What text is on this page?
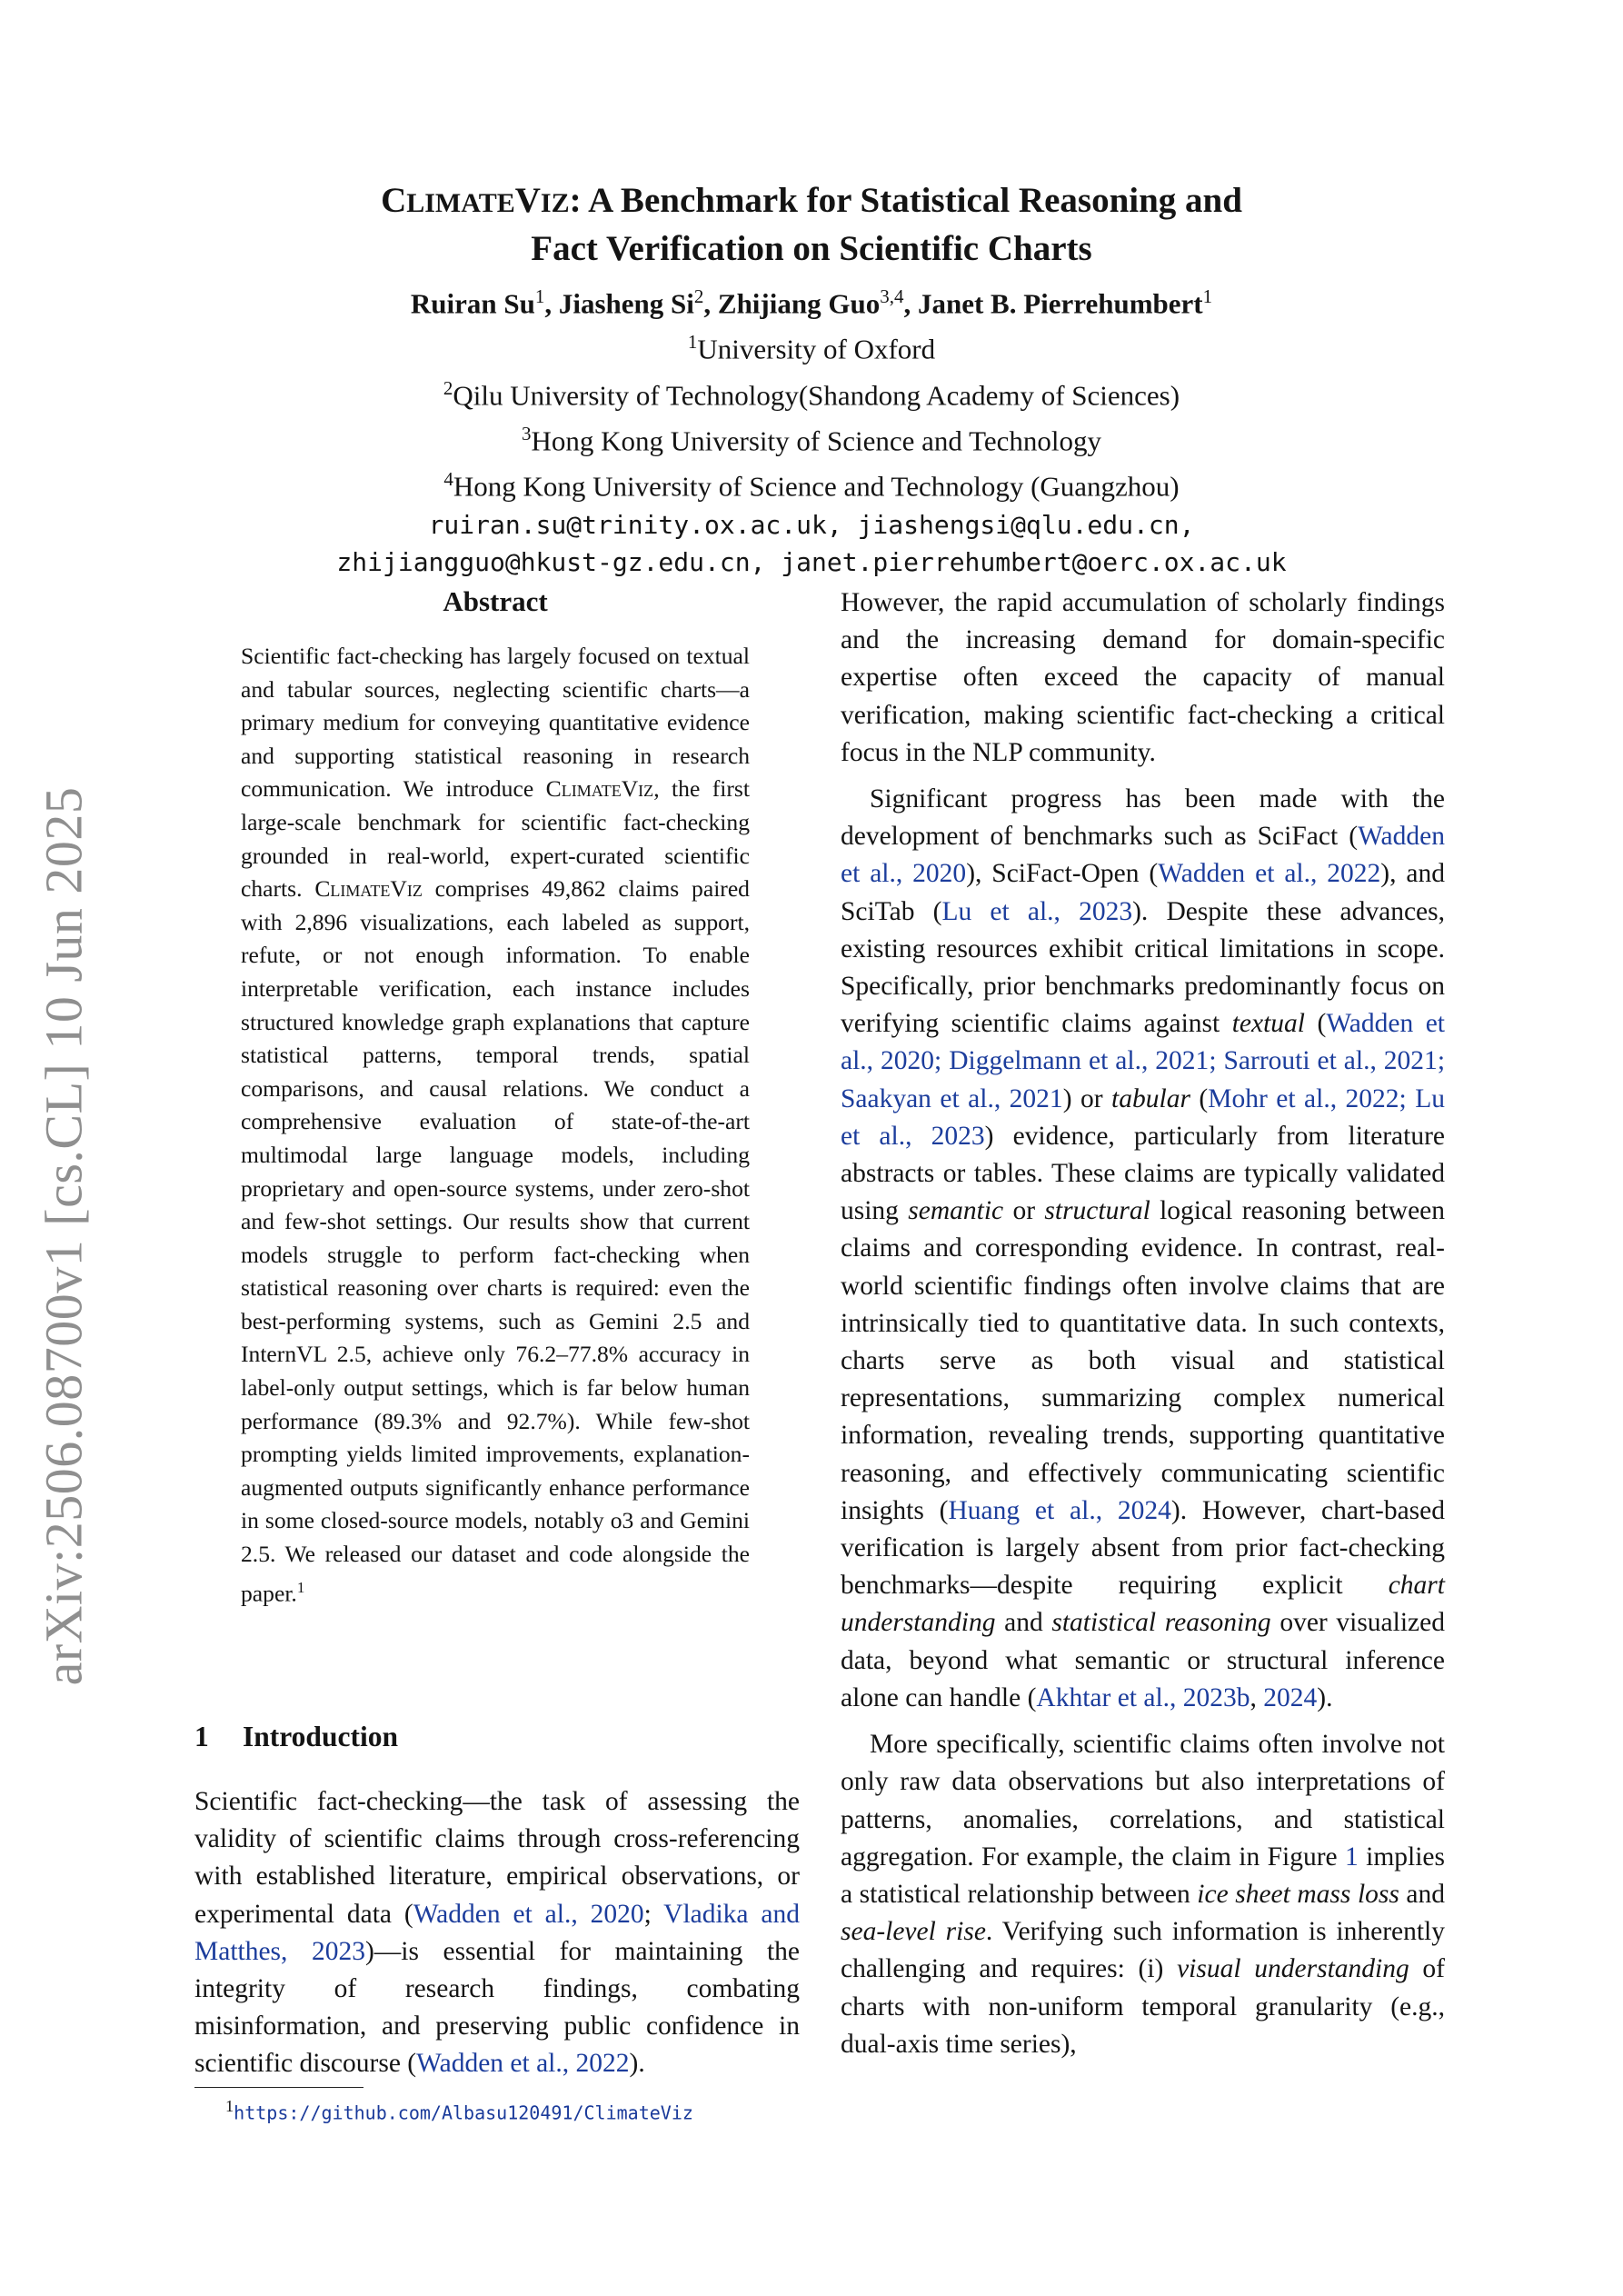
arXiv:2506.08700v1 [cs.CL] 10 Jun 2025
CLIMATEVIZ: A Benchmark for Statistical Reasoning and
Fact Verification on Scientific Charts
Ruiran Su$^1$, Jiasheng Si$^2$, Zhijiang Guo$^{3,4}$, Janet B. Pierrehumbert$^1$
$^1$University of Oxford
$^2$Qilu University of Technology(Shandong Academy of Sciences)
$^3$Hong Kong University of Science and Technology
$^4$Hong Kong University of Science and Technology (Guangzhou)
ruiran.su@trinity.ox.ac.uk, jiashengsi@qlu.edu.cn,
zhijiangguo@hkust-gz.edu.cn, janet.pierrehumbert@oerc.ox.ac.uk
Abstract
Scientific fact-checking has largely focused on textual and tabular sources, neglecting scientific charts—a primary medium for conveying quantitative evidence and supporting statistical reasoning in research communication. We introduce ClimateViz, the first large-scale benchmark for scientific fact-checking grounded in real-world, expert-curated scientific charts. ClimateViz comprises 49,862 claims paired with 2,896 visualizations, each labeled as support, refute, or not enough information. To enable interpretable verification, each instance includes structured knowledge graph explanations that capture statistical patterns, temporal trends, spatial comparisons, and causal relations. We conduct a comprehensive evaluation of state-of-the-art multimodal large language models, including proprietary and open-source systems, under zero-shot and few-shot settings. Our results show that current models struggle to perform fact-checking when statistical reasoning over charts is required: even the best-performing systems, such as Gemini 2.5 and InternVL 2.5, achieve only 76.2–77.8% accuracy in label-only output settings, which is far below human performance (89.3% and 92.7%). While few-shot prompting yields limited improvements, explanation-augmented outputs significantly enhance performance in some closed-source models, notably o3 and Gemini 2.5. We released our dataset and code alongside the paper.$^1$
1 Introduction
Scientific fact-checking—the task of assessing the validity of scientific claims through cross-referencing with established literature, empirical observations, or experimental data (Wadden et al., 2020; Vladika and Matthes, 2023)—is essential for maintaining the integrity of research findings, combating misinformation, and preserving public confidence in scientific discourse (Wadden et al., 2022).
$^1$https://github.com/Albasu120491/ClimateViz

However, the rapid accumulation of scholarly findings and the increasing demand for domain-specific expertise often exceed the capacity of manual verification, making scientific fact-checking a critical focus in the NLP community.

Significant progress has been made with the development of benchmarks such as SciFact (Wadden et al., 2020), SciFact-Open (Wadden et al., 2022), and SciTab (Lu et al., 2023). Despite these advances, existing resources exhibit critical limitations in scope. Specifically, prior benchmarks predominantly focus on verifying scientific claims against textual (Wadden et al., 2020; Diggelmann et al., 2021; Sarrouti et al., 2021; Saakyan et al., 2021) or tabular (Mohr et al., 2022; Lu et al., 2023) evidence, particularly from literature abstracts or tables. These claims are typically validated using semantic or structural logical reasoning between claims and corresponding evidence. In contrast, real-world scientific findings often involve claims that are intrinsically tied to quantitative data. In such contexts, charts serve as both visual and statistical representations, summarizing complex numerical information, revealing trends, supporting quantitative reasoning, and effectively communicating scientific insights (Huang et al., 2024). However, chart-based verification is largely absent from prior fact-checking benchmarks—despite requiring explicit chart understanding and statistical reasoning over visualized data, beyond what semantic or structural inference alone can handle (Akhtar et al., 2023b, 2024).

More specifically, scientific claims often involve not only raw data observations but also interpretations of patterns, anomalies, correlations, and statistical aggregation. For example, the claim in Figure 1 implies a statistical relationship between ice sheet mass loss and sea-level rise. Verifying such information is inherently challenging and requires: (i) visual understanding of charts with non-uniform temporal granularity (e.g., dual-axis time series),
